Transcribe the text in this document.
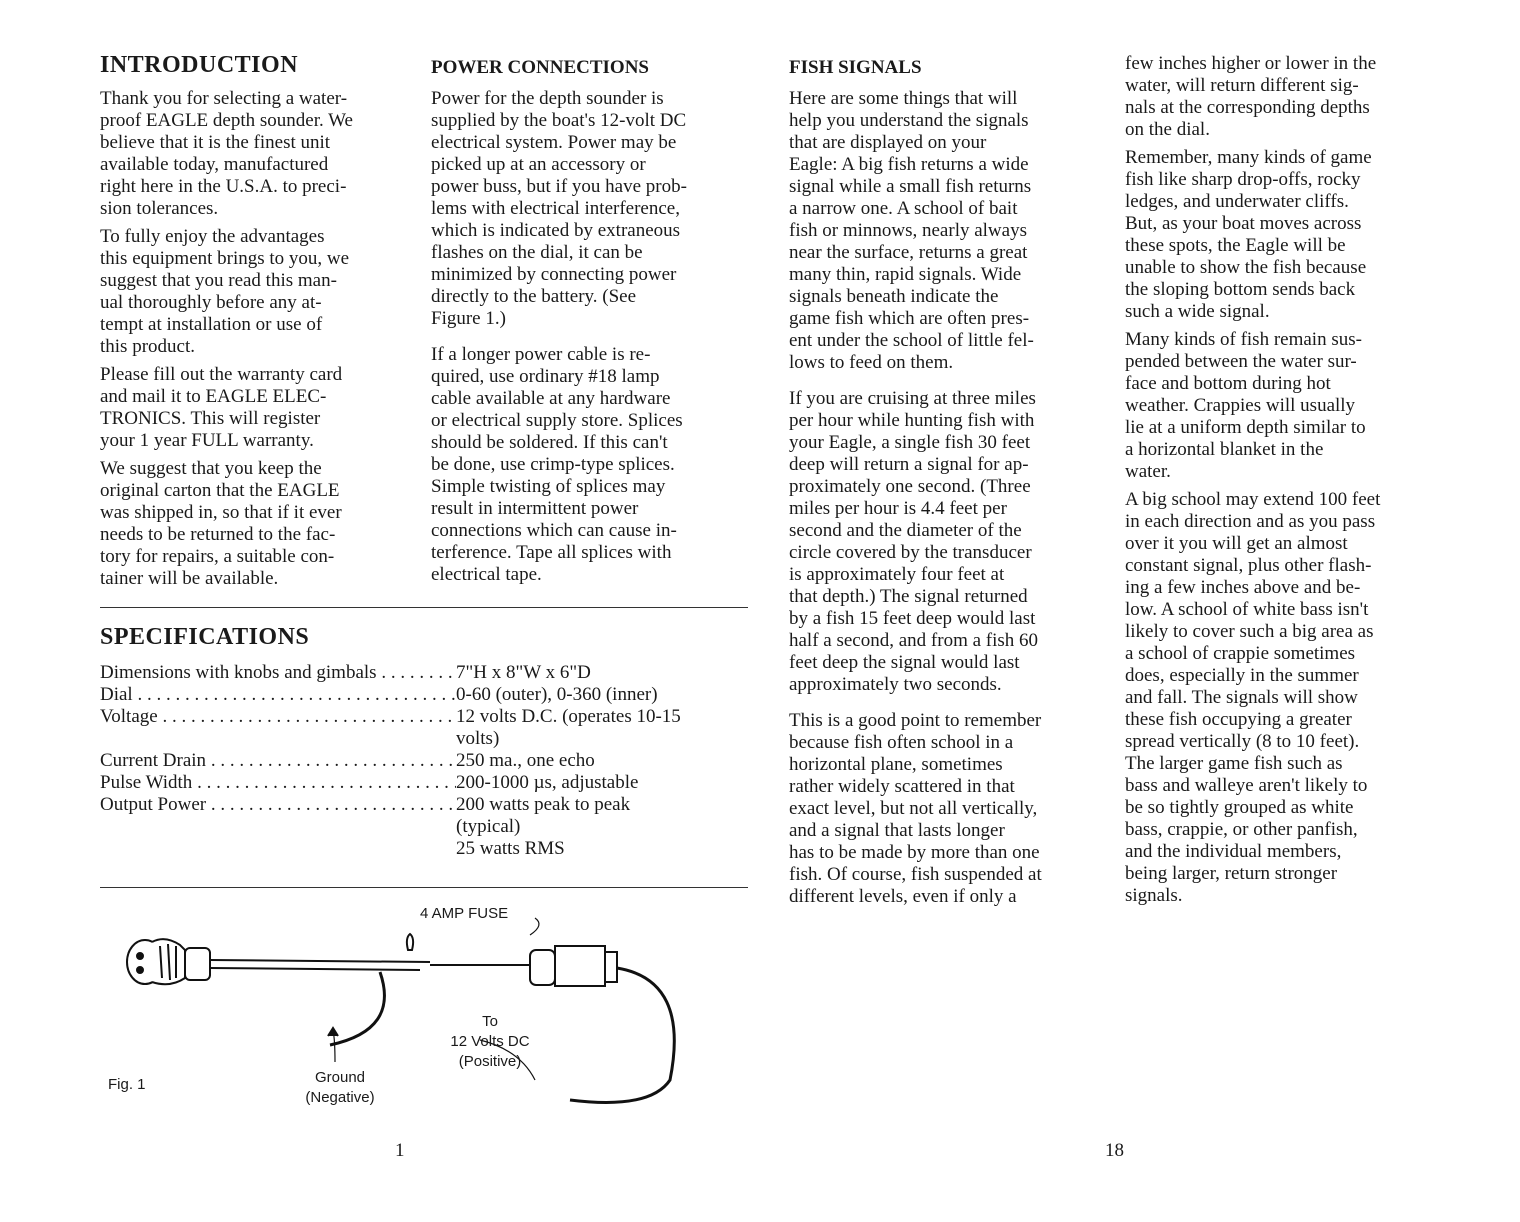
INTRODUCTION
Thank you for selecting a water-
proof EAGLE depth sounder. We
believe that it is the finest unit
available today, manufactured
right here in the U.S.A. to preci-
sion tolerances.
To fully enjoy the advantages
this equipment brings to you, we
suggest that you read this man-
ual thoroughly before any at-
tempt at installation or use of
this product.
Please fill out the warranty card
and mail it to EAGLE ELEC-
TRONICS. This will register
your 1 year FULL warranty.
We suggest that you keep the
original carton that the EAGLE
was shipped in, so that if it ever
needs to be returned to the fac-
tory for repairs, a suitable con-
tainer will be available.
POWER CONNECTIONS
Power for the depth sounder is
supplied by the boat's 12-volt DC
electrical system. Power may be
picked up at an accessory or
power buss, but if you have prob-
lems with electrical interference,
which is indicated by extraneous
flashes on the dial, it can be
minimized by connecting power
directly to the battery. (See
Figure 1.)
If a longer power cable is re-
quired, use ordinary #18 lamp
cable available at any hardware
or electrical supply store. Splices
should be soldered. If this can't
be done, use crimp-type splices.
Simple twisting of splices may
result in intermittent power
connections which can cause in-
terference. Tape all splices with
electrical tape.
SPECIFICATIONS
Dimensions with knobs and gimbals . . .	7"H x 8"W x 6"D
Dial . . .	0-60 (outer), 0-360 (inner)
Voltage . . .	12 volts D.C. (operates 10-15
volts)
Current Drain . . .	250 ma., one echo
Pulse Width . . .	200-1000 µs, adjustable
Output Power . . .	200 watts peak to peak
(typical)
25 watts RMS
4 AMP FUSE
To
12 Volts DC
(Positive)
Ground
(Negative)
Fig. 1
FISH SIGNALS
Here are some things that will
help you understand the signals
that are displayed on your
Eagle: A big fish returns a wide
signal while a small fish returns
a narrow one. A school of bait
fish or minnows, nearly always
near the surface, returns a great
many thin, rapid signals. Wide
signals beneath indicate the
game fish which are often pres-
ent under the school of little fel-
lows to feed on them.
If you are cruising at three miles
per hour while hunting fish with
your Eagle, a single fish 30 feet
deep will return a signal for ap-
proximately one second. (Three
miles per hour is 4.4 feet per
second and the diameter of the
circle covered by the transducer
is approximately four feet at
that depth.) The signal returned
by a fish 15 feet deep would last
half a second, and from a fish 60
feet deep the signal would last
approximately two seconds.
This is a good point to remember
because fish often school in a
horizontal plane, sometimes
rather widely scattered in that
exact level, but not all vertically,
and a signal that lasts longer
has to be made by more than one
fish. Of course, fish suspended at
different levels, even if only a
few inches higher or lower in the
water, will return different sig-
nals at the corresponding depths
on the dial.
Remember, many kinds of game
fish like sharp drop-offs, rocky
ledges, and underwater cliffs.
But, as your boat moves across
these spots, the Eagle will be
unable to show the fish because
the sloping bottom sends back
such a wide signal.
Many kinds of fish remain sus-
pended between the water sur-
face and bottom during hot
weather. Crappies will usually
lie at a uniform depth similar to
a horizontal blanket in the
water.
A big school may extend 100 feet
in each direction and as you pass
over it you will get an almost
constant signal, plus other flash-
ing a few inches above and be-
low. A school of white bass isn't
likely to cover such a big area as
a school of crappie sometimes
does, especially in the summer
and fall. The signals will show
these fish occupying a greater
spread vertically (8 to 10 feet).
The larger game fish such as
bass and walleye aren't likely to
be so tightly grouped as white
bass, crappie, or other panfish,
and the individual members,
being larger, return stronger
signals.
1	18
